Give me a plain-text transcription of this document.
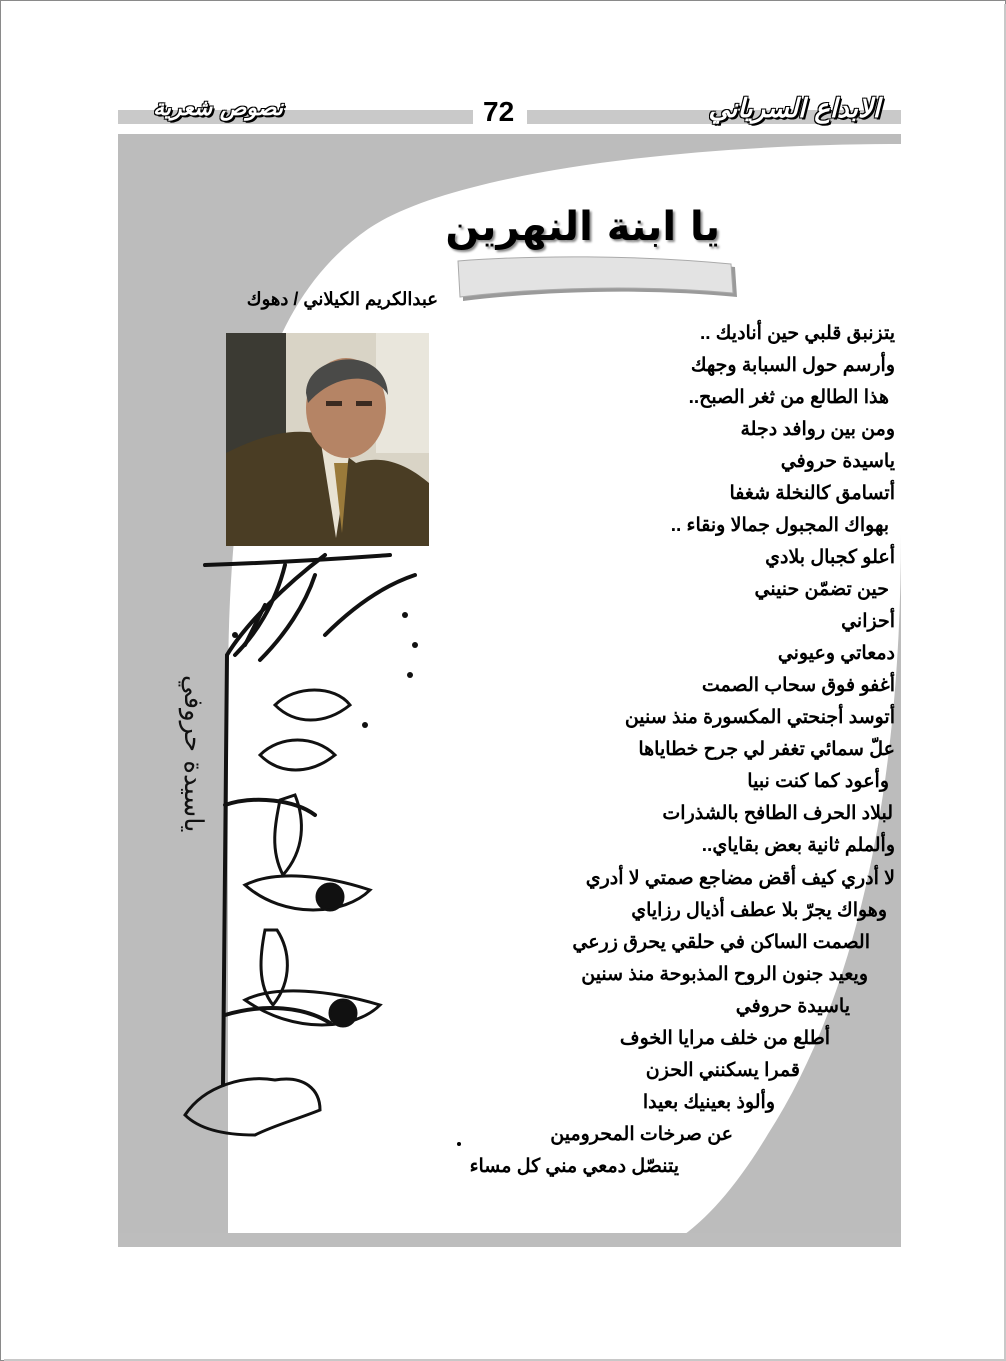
نصوص شعرية	72	الابداع السرياني
يا ابنة النهرين
عبدالكريم الكيلاني / دهوك
ياسيدة حروفي
يتزنبق قلبي حين أناديك ..
وأرسم حول السبابة وجهك
هذا الطالع من ثغر الصبح..
ومن بين روافد دجلة
ياسيدة حروفي
أتسامق كالنخلة شغفا
بهواك المجبول جمالا ونقاء ..
أعلو كجبال بلادي
حين تضمّن حنيني
أحزاني
دمعاتي وعيوني
أغفو فوق سحاب الصمت
أتوسد أجنحتي المكسورة منذ سنين
علّ سمائي تغفر لي جرح خطاياها
وأعود كما كنت نبيا
لبلاد الحرف الطافح بالشذرات
وألملم ثانية بعض بقاياي..
لا أدري كيف أقض مضاجع صمتي لا أدري
وهواك يجرّ بلا عطف أذيال رزاياي
الصمت الساكن في حلقي يحرق زرعي
ويعيد جنون الروح المذبوحة منذ سنين
ياسيدة حروفي
أطلع من خلف مرايا الخوف
قمرا يسكنني الحزن
وألوذ بعينيك بعيدا
عن صرخات المحرومين
يتنصّل دمعي مني كل مساء
